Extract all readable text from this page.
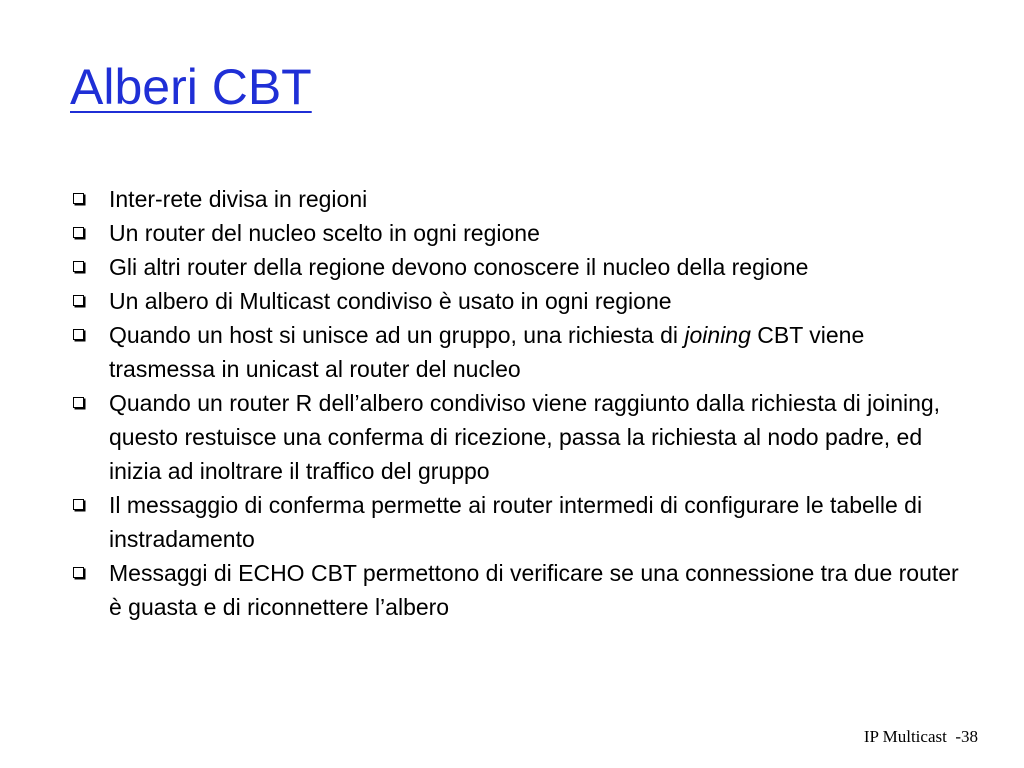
Alberi CBT
Inter-rete divisa in regioni
Un router del nucleo scelto in ogni regione
Gli altri router della regione devono conoscere il nucleo della regione
Un albero di Multicast condiviso è usato in ogni regione
Quando un host si unisce ad un gruppo, una richiesta di joining CBT viene trasmessa in unicast al router del nucleo
Quando un router R dell’albero condiviso viene raggiunto dalla richiesta di joining, questo restuisce una conferma di ricezione, passa la richiesta al nodo padre, ed inizia ad inoltrare il traffico del gruppo
Il messaggio di conferma permette ai router intermedi di configurare le tabelle di instradamento
Messaggi di ECHO CBT permettono di verificare se una connessione tra due router è guasta e di riconnettere l’albero
IP Multicast -38
